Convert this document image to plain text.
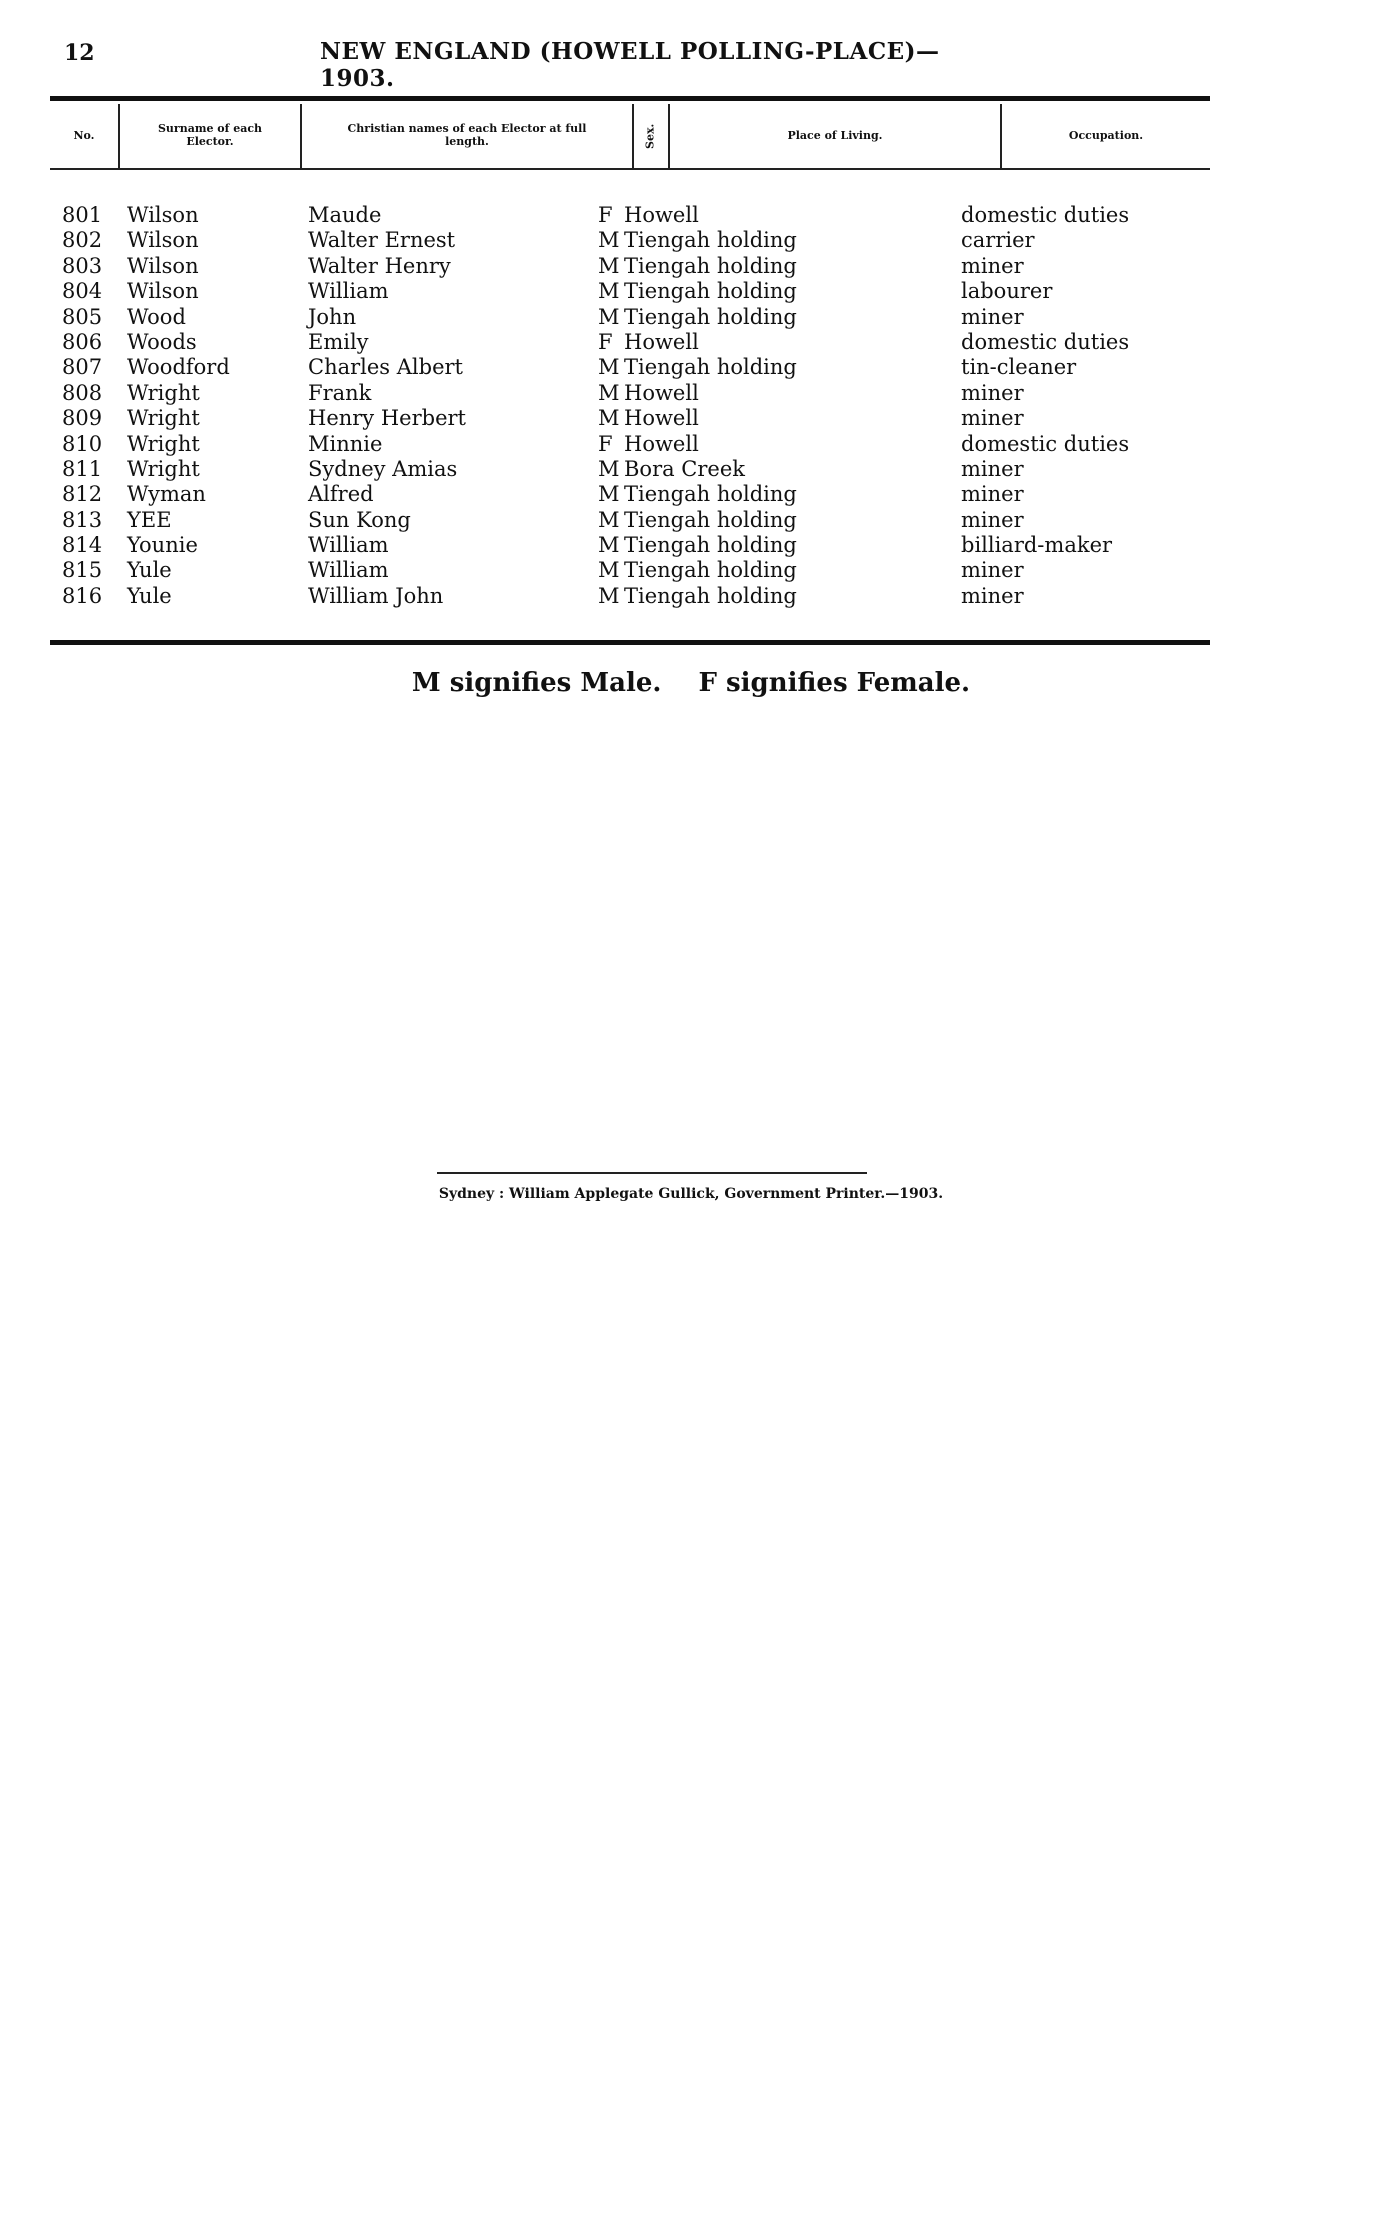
12	NEW ENGLAND (HOWELL POLLING-PLACE)—1903.
No.	Surname of each Elector.
Christian names of each Elector at full length.	Sex.	Place of Living.	Occupation.
801 Wilson	Maude	F Howell	domestic duties
802 Wilson	Walter Ernest	M Tiengah holding	carrier
803 Wilson	Walter Henry	M Tiengah holding	miner
804 Wilson	William	M Tiengah holding	labourer
805 Wood	John	M Tiengah holding	miner
806 Woods	Emily	F Howell	domestic duties
807 Woodford	Charles Albert	M Tiengah holding	tin-cleaner
808 Wright	Frank	M Howell	miner
809 Wright	Henry Herbert	M Howell	miner
810 Wright	Minnie	F Howell	domestic duties
811 Wright	Sydney Amias	M Bora Creek	miner
812 Wyman	Alfred	M Tiengah holding	miner
813 YEE	Sun Kong	M Tiengah holding	miner
814 Younie	William	M Tiengah holding	billiard-maker
815 Yule	William	M Tiengah holding	miner
816 Yule	William John	M Tiengah holding	miner
M signifies Male. F signifies Female.
Sydney : William Applegate Gullick, Government Printer.—1903.
